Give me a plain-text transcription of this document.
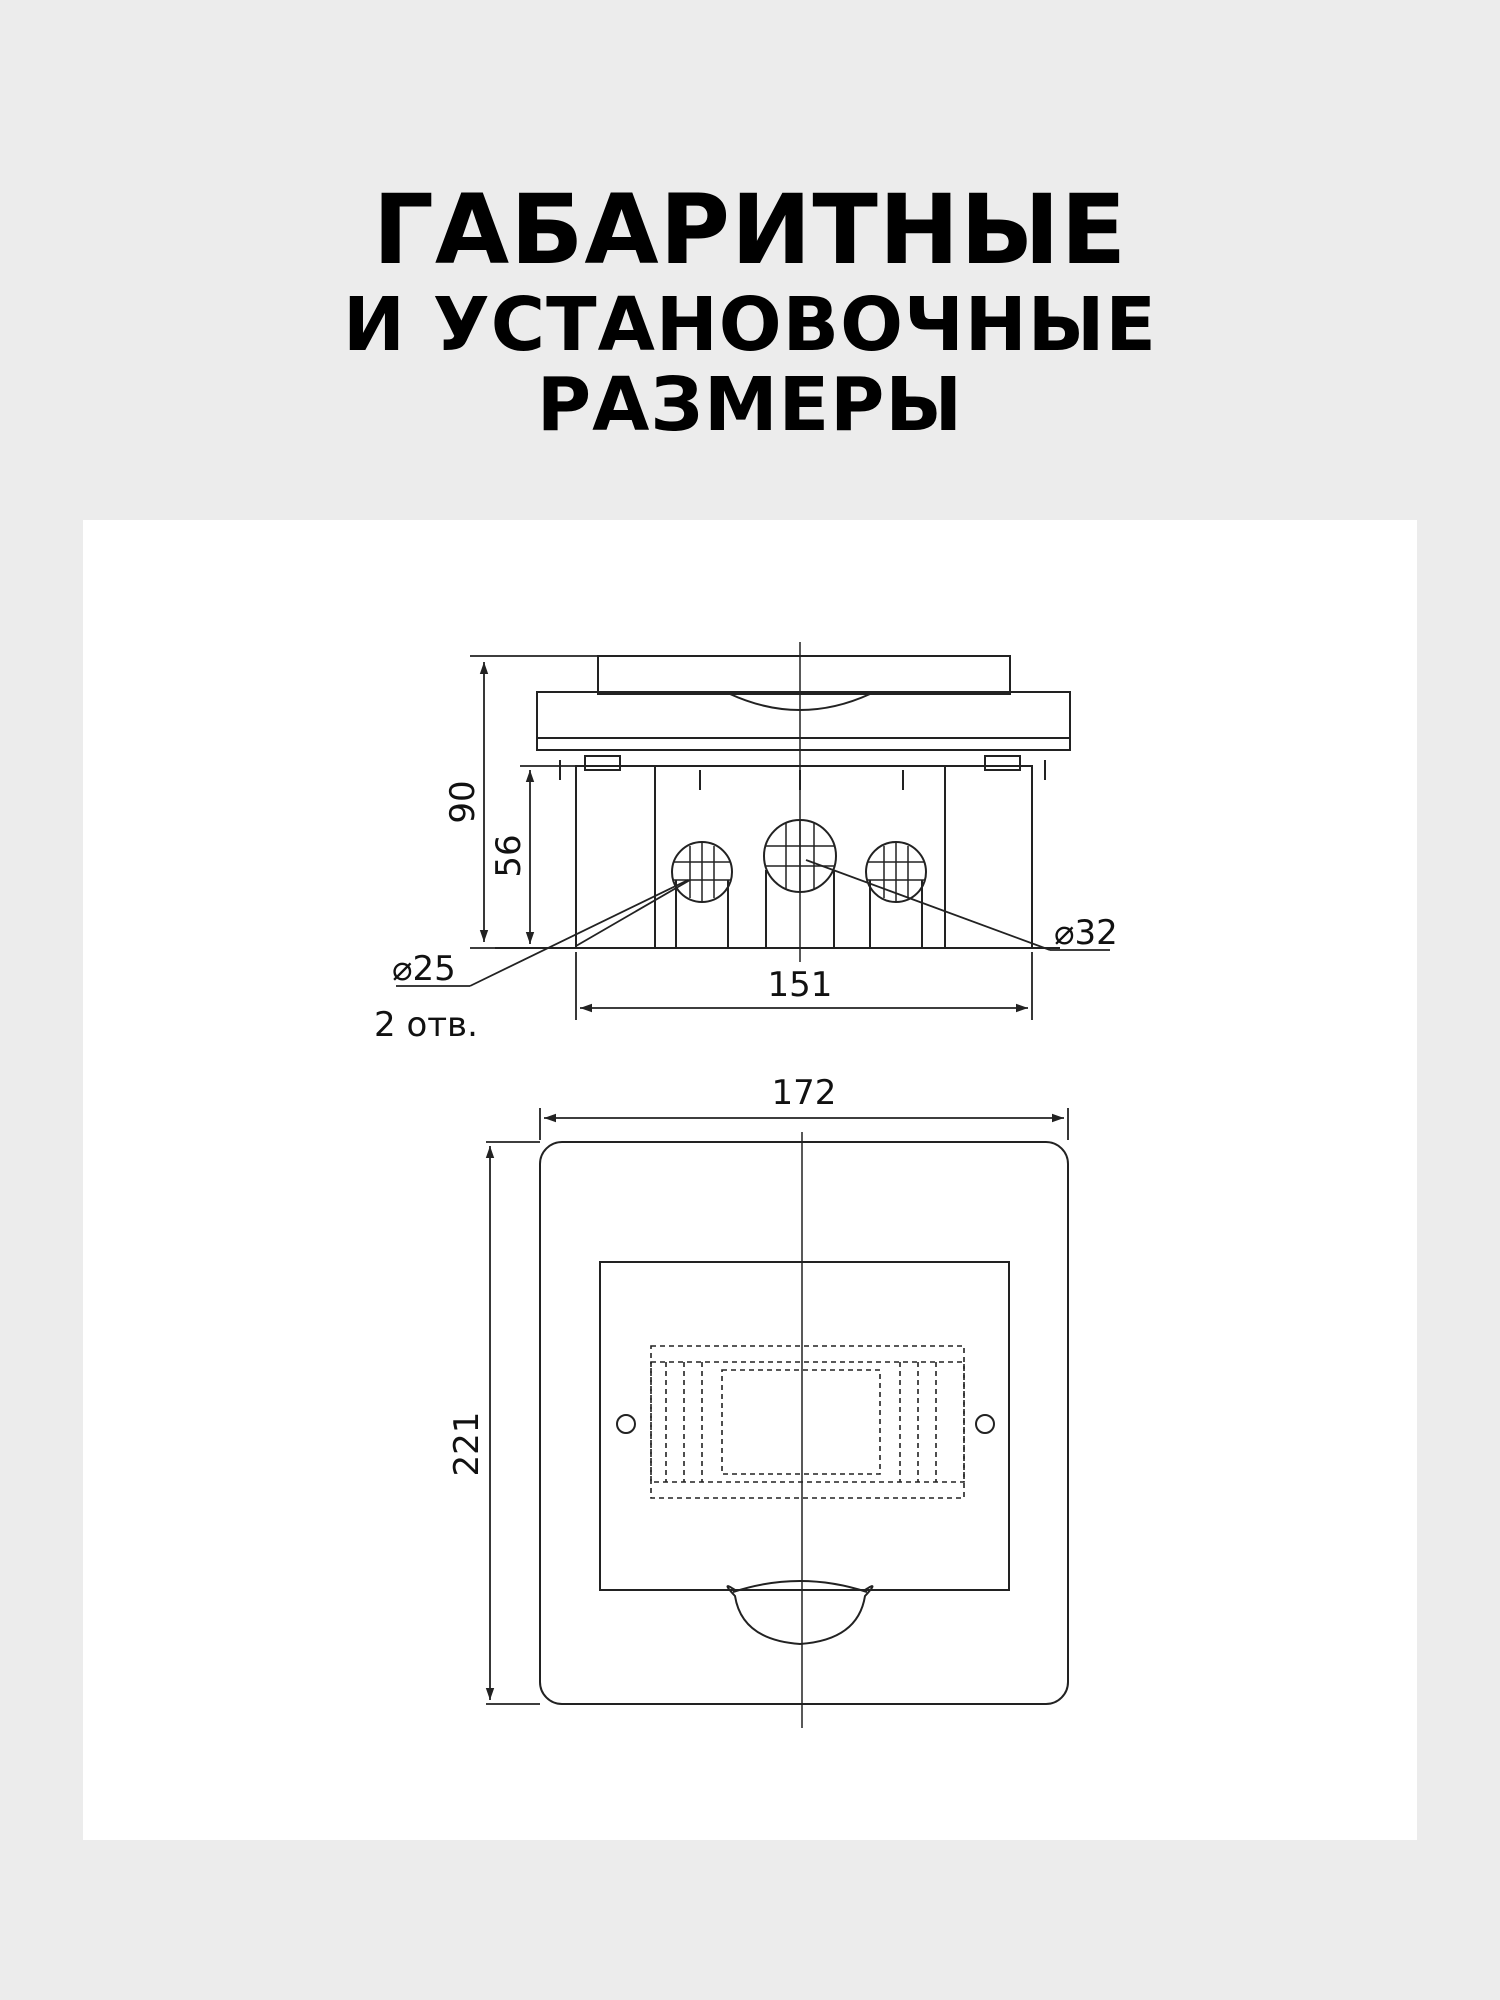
ГАБАРИТНЫЕ
И УСТАНОВОЧНЫЕ
РАЗМЕРЫ
90
56
151
⌀25
2 отв.
⌀32
172
221
